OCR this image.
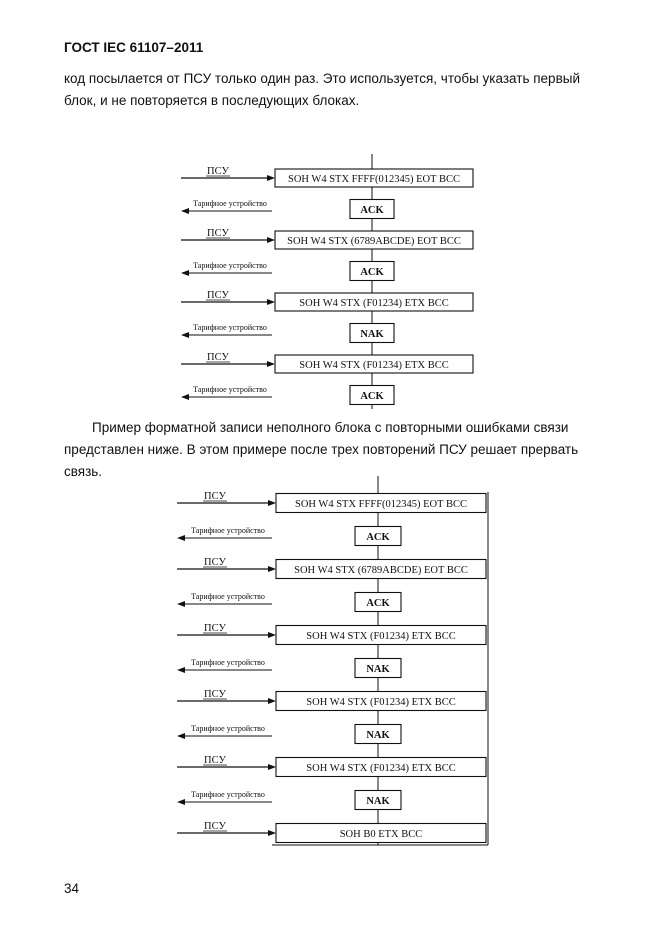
ГОСТ IEC 61107–2011
код посылается от ПСУ только один раз. Это используется, чтобы указать первый блок, и не повторяется в последующих блоках.
ПСУ
SOH W4 STX FFFF(012345) EOT BCC
Тарифное устройство
ACK
ПСУ
SOH W4 STX (6789ABCDE) EOT BCC
Тарифное устройство
ACK
ПСУ
SOH W4 STX (F01234) ETX BCC
Тарифное устройство
NAK
ПСУ
SOH W4 STX (F01234) ETX BCC
Тарифное устройство
ACK
Пример форматной записи неполного блока с повторными ошибками связи представлен ниже. В этом примере после трех повторений ПСУ решает прервать связь.
ПСУ
SOH W4 STX FFFF(012345) EOT BCC
Тарифное устройство
ACK
ПСУ
SOH W4 STX (6789ABCDE) EOT BCC
Тарифное устройство
ACK
ПСУ
SOH W4 STX (F01234) ETX BCC
Тарифное устройство
NAK
ПСУ
SOH W4 STX (F01234) ETX BCC
Тарифное устройство
NAK
ПСУ
SOH W4 STX (F01234) ETX BCC
Тарифное устройство
NAK
ПСУ
SOH B0 ETX BCC
34
